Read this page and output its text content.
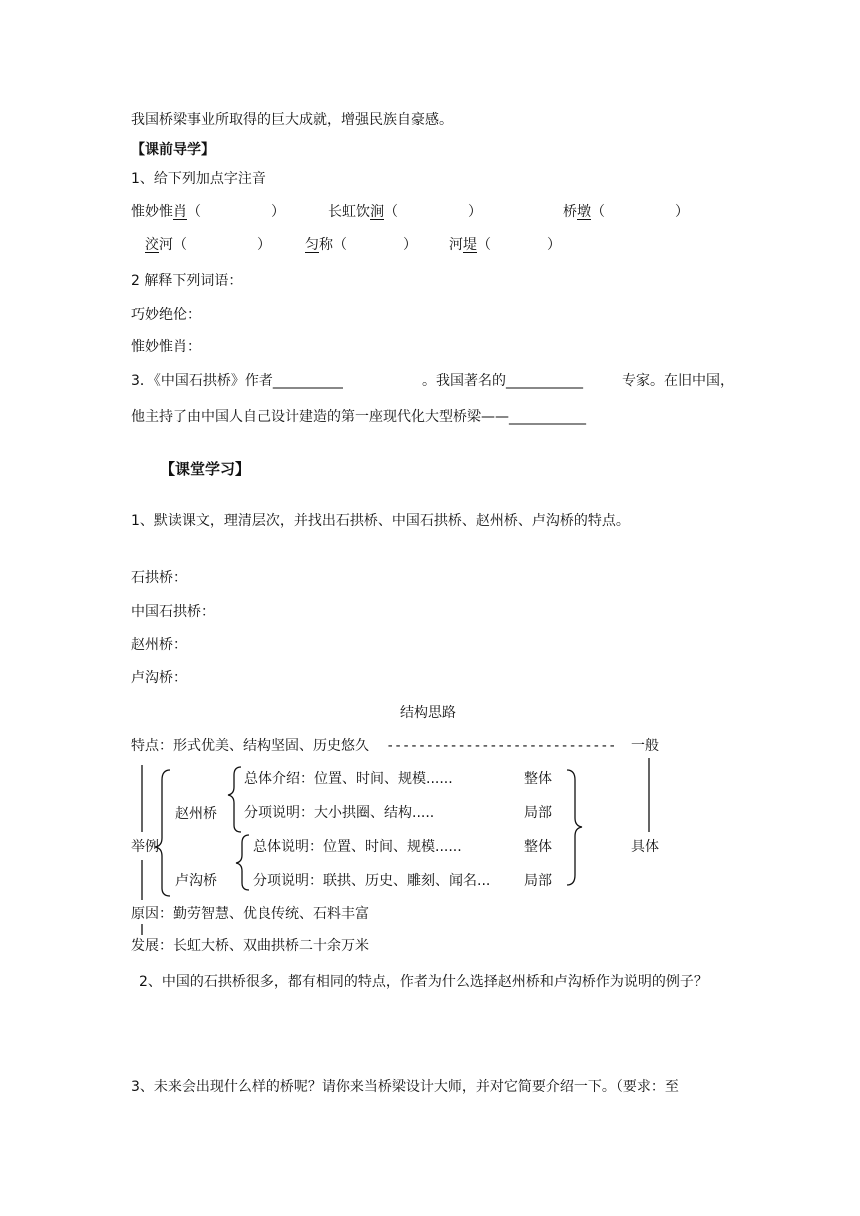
我国桥梁事业所取得的巨大成就，增强民族自豪感。
【课前导学】
1、给下列加点字注音
惟妙惟肖（　　　　　）	长虹饮涧（　　　　　）	桥墩（　　　　　）
洨河（　　　　　） 匀称（　　　　） 河堤（　　　　）
2 解释下列词语：
巧妙绝伦：
惟妙惟肖：
3．《中国石拱桥》作者__________	。我国著名的___________	专家。在旧中国，
他主持了由中国人自己设计建造的第一座现代化大型桥梁——___________
【课堂学习】
1、默读课文，理清层次，并找出石拱桥、中国石拱桥、赵州桥、卢沟桥的特点。
石拱桥：
中国石拱桥：
赵州桥：
卢沟桥：
结构思路
特点：形式优美、结构坚固、历史悠久 ----------------------------- 一般
总体介绍：位置、时间、规模......	整体
赵州桥 分项说明：大小拱圈、结构.....	局部
举例	总体说明：位置、时间、规模......	整体	具体
卢沟桥	分项说明：联拱、历史、雕刻、闻名... 局部
原因：勤劳智慧、优良传统、石料丰富
发展：长虹大桥、双曲拱桥二十余万米
2、中国的石拱桥很多，都有相同的特点，作者为什么选择赵州桥和卢沟桥作为说明的例子？
3、未来会出现什么样的桥呢？请你来当桥梁设计大师，并对它简要介绍一下。（要求：至
